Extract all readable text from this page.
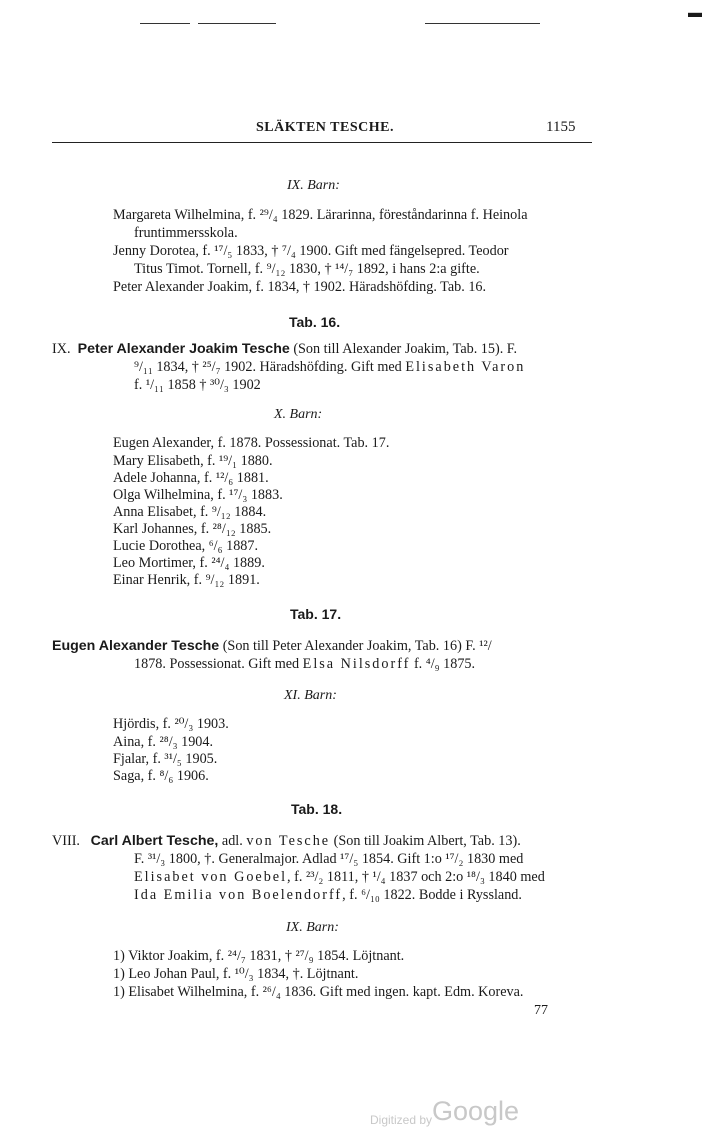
▬
SLÄKTEN TESCHE.	1155
IX. Barn:
Margareta Wilhelmina, f. ²⁹/₄ 1829. Lärarinna, föreståndarinna f. Heinola
fruntimmersskola.
Jenny Dorotea, f. ¹⁷/₅ 1833, † ⁷/₄ 1900. Gift med fängelsepred. Teodor
Titus Timot. Tornell, f. ⁹/₁₂ 1830, † ¹⁴/₇ 1892, i hans 2:a gifte.
Peter Alexander Joakim, f. 1834, † 1902. Häradshöfding. Tab. 16.
Tab. 16.
IX. Peter Alexander Joakim Tesche (Son till Alexander Joakim, Tab. 15). F.
⁹/₁₁ 1834, † ²⁵/₇ 1902. Häradshöfding. Gift med Elisabeth Varon
f. ¹/₁₁ 1858 † ³⁰/₃ 1902
X. Barn:
Eugen Alexander, f. 1878. Possessionat. Tab. 17.
Mary Elisabeth, f. ¹⁹/₁ 1880.
Adele Johanna, f. ¹²/₆ 1881.
Olga Wilhelmina, f. ¹⁷/₃ 1883.
Anna Elisabet, f. ⁹/₁₂ 1884.
Karl Johannes, f. ²⁸/₁₂ 1885.
Lucie Dorothea, ⁶/₆ 1887.
Leo Mortimer, f. ²⁴/₄ 1889.
Einar Henrik, f. ⁹/₁₂ 1891.
Tab. 17.
Eugen Alexander Tesche (Son till Peter Alexander Joakim, Tab. 16) F. ¹²/
1878. Possessionat. Gift med Elsa Nilsdorff f. ⁴/₉ 1875.
XI. Barn:
Hjördis, f. ²⁰/₃ 1903.
Aina, f. ²⁸/₃ 1904.
Fjalar, f. ³¹/₅ 1905.
Saga, f. ⁸/₆ 1906.
Tab. 18.
VIII. Carl Albert Tesche, adl. von Tesche (Son till Joakim Albert, Tab. 13).
F. ³¹/₃ 1800, †. Generalmajor. Adlad ¹⁷/₅ 1854. Gift 1:o ¹⁷/₂ 1830 med
Elisabet von Goebel, f. ²³/₂ 1811, † ¹/₄ 1837 och 2:o ¹⁸/₃ 1840 med
Ida Emilia von Boelendorff, f. ⁶/₁₀ 1822. Bodde i Ryssland.
IX. Barn:
1) Viktor Joakim, f. ²⁴/₇ 1831, † ²⁷/₉ 1854. Löjtnant.
1) Leo Johan Paul, f. ¹⁰/₃ 1834, †. Löjtnant.
1) Elisabet Wilhelmina, f. ²⁶/₄ 1836. Gift med ingen. kapt. Edm. Koreva.
77
Digitized by Google
